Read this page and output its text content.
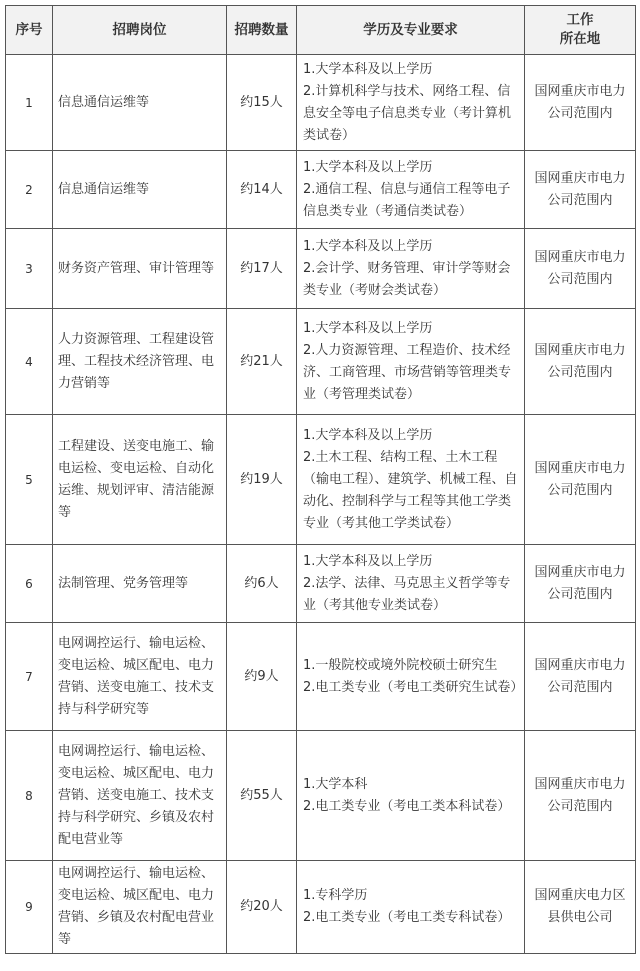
序号	招聘岗位	招聘数量	学历及专业要求	工作
所在地

1	信息通信运维等	约15人	1.大学本科及以上学历
2.计算机科学与技术、网络工程、信息安全等电子信息类专业（考计算机类试卷）	国网重庆市电力公司范围内
2	信息通信运维等	约14人	1.大学本科及以上学历
2.通信工程、信息与通信工程等电子信息类专业（考通信类试卷）	国网重庆市电力公司范围内
3	财务资产管理、审计管理等	约17人	1.大学本科及以上学历
2.会计学、财务管理、审计学等财会类专业（考财会类试卷）	国网重庆市电力公司范围内
4	人力资源管理、工程建设管理、工程技术经济管理、电力营销等	约21人	1.大学本科及以上学历
2.人力资源管理、工程造价、技术经济、工商管理、市场营销等管理类专业（考管理类试卷）	国网重庆市电力公司范围内
5	工程建设、送变电施工、输电运检、变电运检、自动化运维、规划评审、清洁能源等	约19人	1.大学本科及以上学历
2.土木工程、结构工程、土木工程（输电工程）、建筑学、机械工程、自动化、控制科学与工程等其他工学类专业（考其他工学类试卷）	国网重庆市电力公司范围内
6	法制管理、党务管理等	约6人	1.大学本科及以上学历
2.法学、法律、马克思主义哲学等专业（考其他专业类试卷）	国网重庆市电力公司范围内
7	电网调控运行、输电运检、变电运检、城区配电、电力营销、送变电施工、技术支持与科学研究等	约9人	1.一般院校或境外院校硕士研究生
2.电工类专业（考电工类研究生试卷）	国网重庆市电力公司范围内
8	电网调控运行、输电运检、变电运检、城区配电、电力营销、送变电施工、技术支持与科学研究、乡镇及农村配电营业等	约55人	1.大学本科
2.电工类专业（考电工类本科试卷）	国网重庆市电力公司范围内
9	电网调控运行、输电运检、变电运检、城区配电、电力营销、乡镇及农村配电营业等	约20人	1.专科学历
2.电工类专业（考电工类专科试卷）	国网重庆电力区县供电公司
